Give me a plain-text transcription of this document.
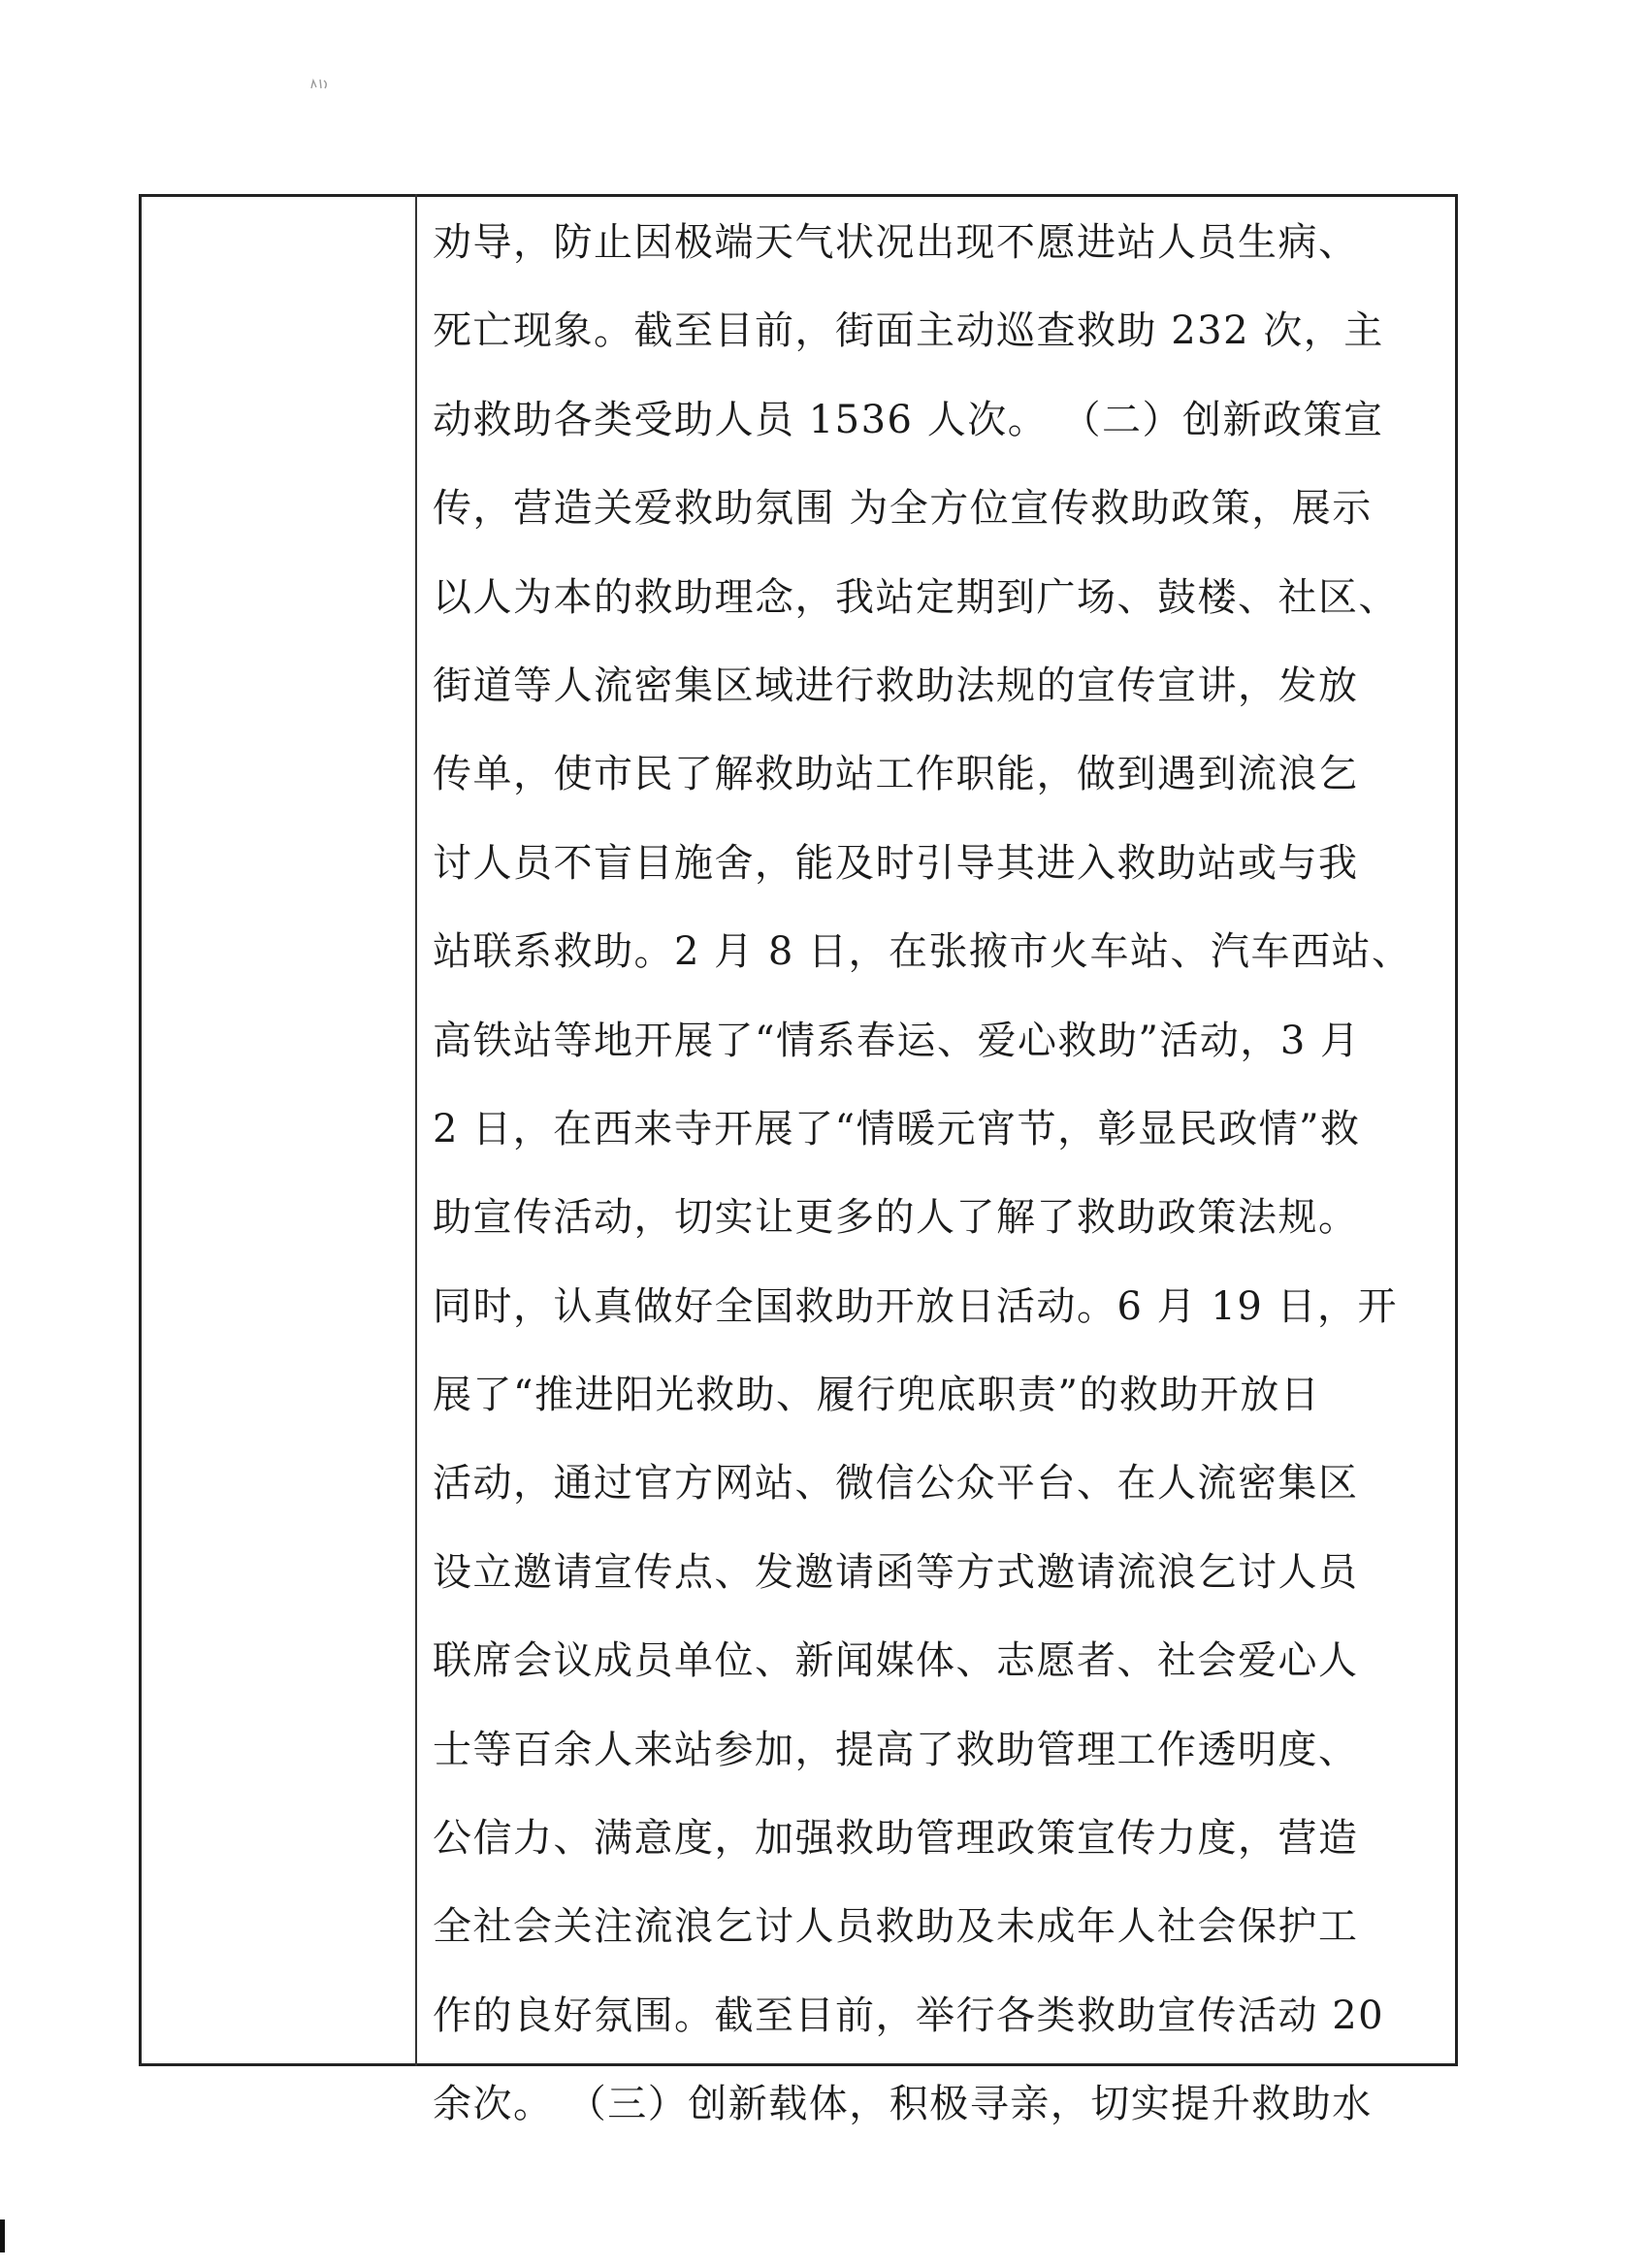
劝导，防止因极端天气状况出现不愿进站人员生病、
死亡现象。截至目前，街面主动巡查救助 232 次，主
动救助各类受助人员 1536 人次。 （二）创新政策宣
传，营造关爱救助氛围 为全方位宣传救助政策，展示
以人为本的救助理念，我站定期到广场、鼓楼、社区、
街道等人流密集区域进行救助法规的宣传宣讲，发放
传单，使市民了解救助站工作职能，做到遇到流浪乞
讨人员不盲目施舍，能及时引导其进入救助站或与我
站联系救助。2 月 8 日，在张掖市火车站、汽车西站、
高铁站等地开展了“情系春运、爱心救助”活动，3 月
2 日，在西来寺开展了“情暖元宵节，彰显民政情”救
助宣传活动，切实让更多的人了解了救助政策法规。
同时，认真做好全国救助开放日活动。6 月 19 日，开
展了“推进阳光救助、履行兜底职责”的救助开放日
活动，通过官方网站、微信公众平台、在人流密集区
设立邀请宣传点、发邀请函等方式邀请流浪乞讨人员
联席会议成员单位、新闻媒体、志愿者、社会爱心人
士等百余人来站参加，提高了救助管理工作透明度、
公信力、满意度，加强救助管理政策宣传力度，营造
全社会关注流浪乞讨人员救助及未成年人社会保护工
作的良好氛围。截至目前，举行各类救助宣传活动 20
余次。 （三）创新载体，积极寻亲，切实提升救助水
